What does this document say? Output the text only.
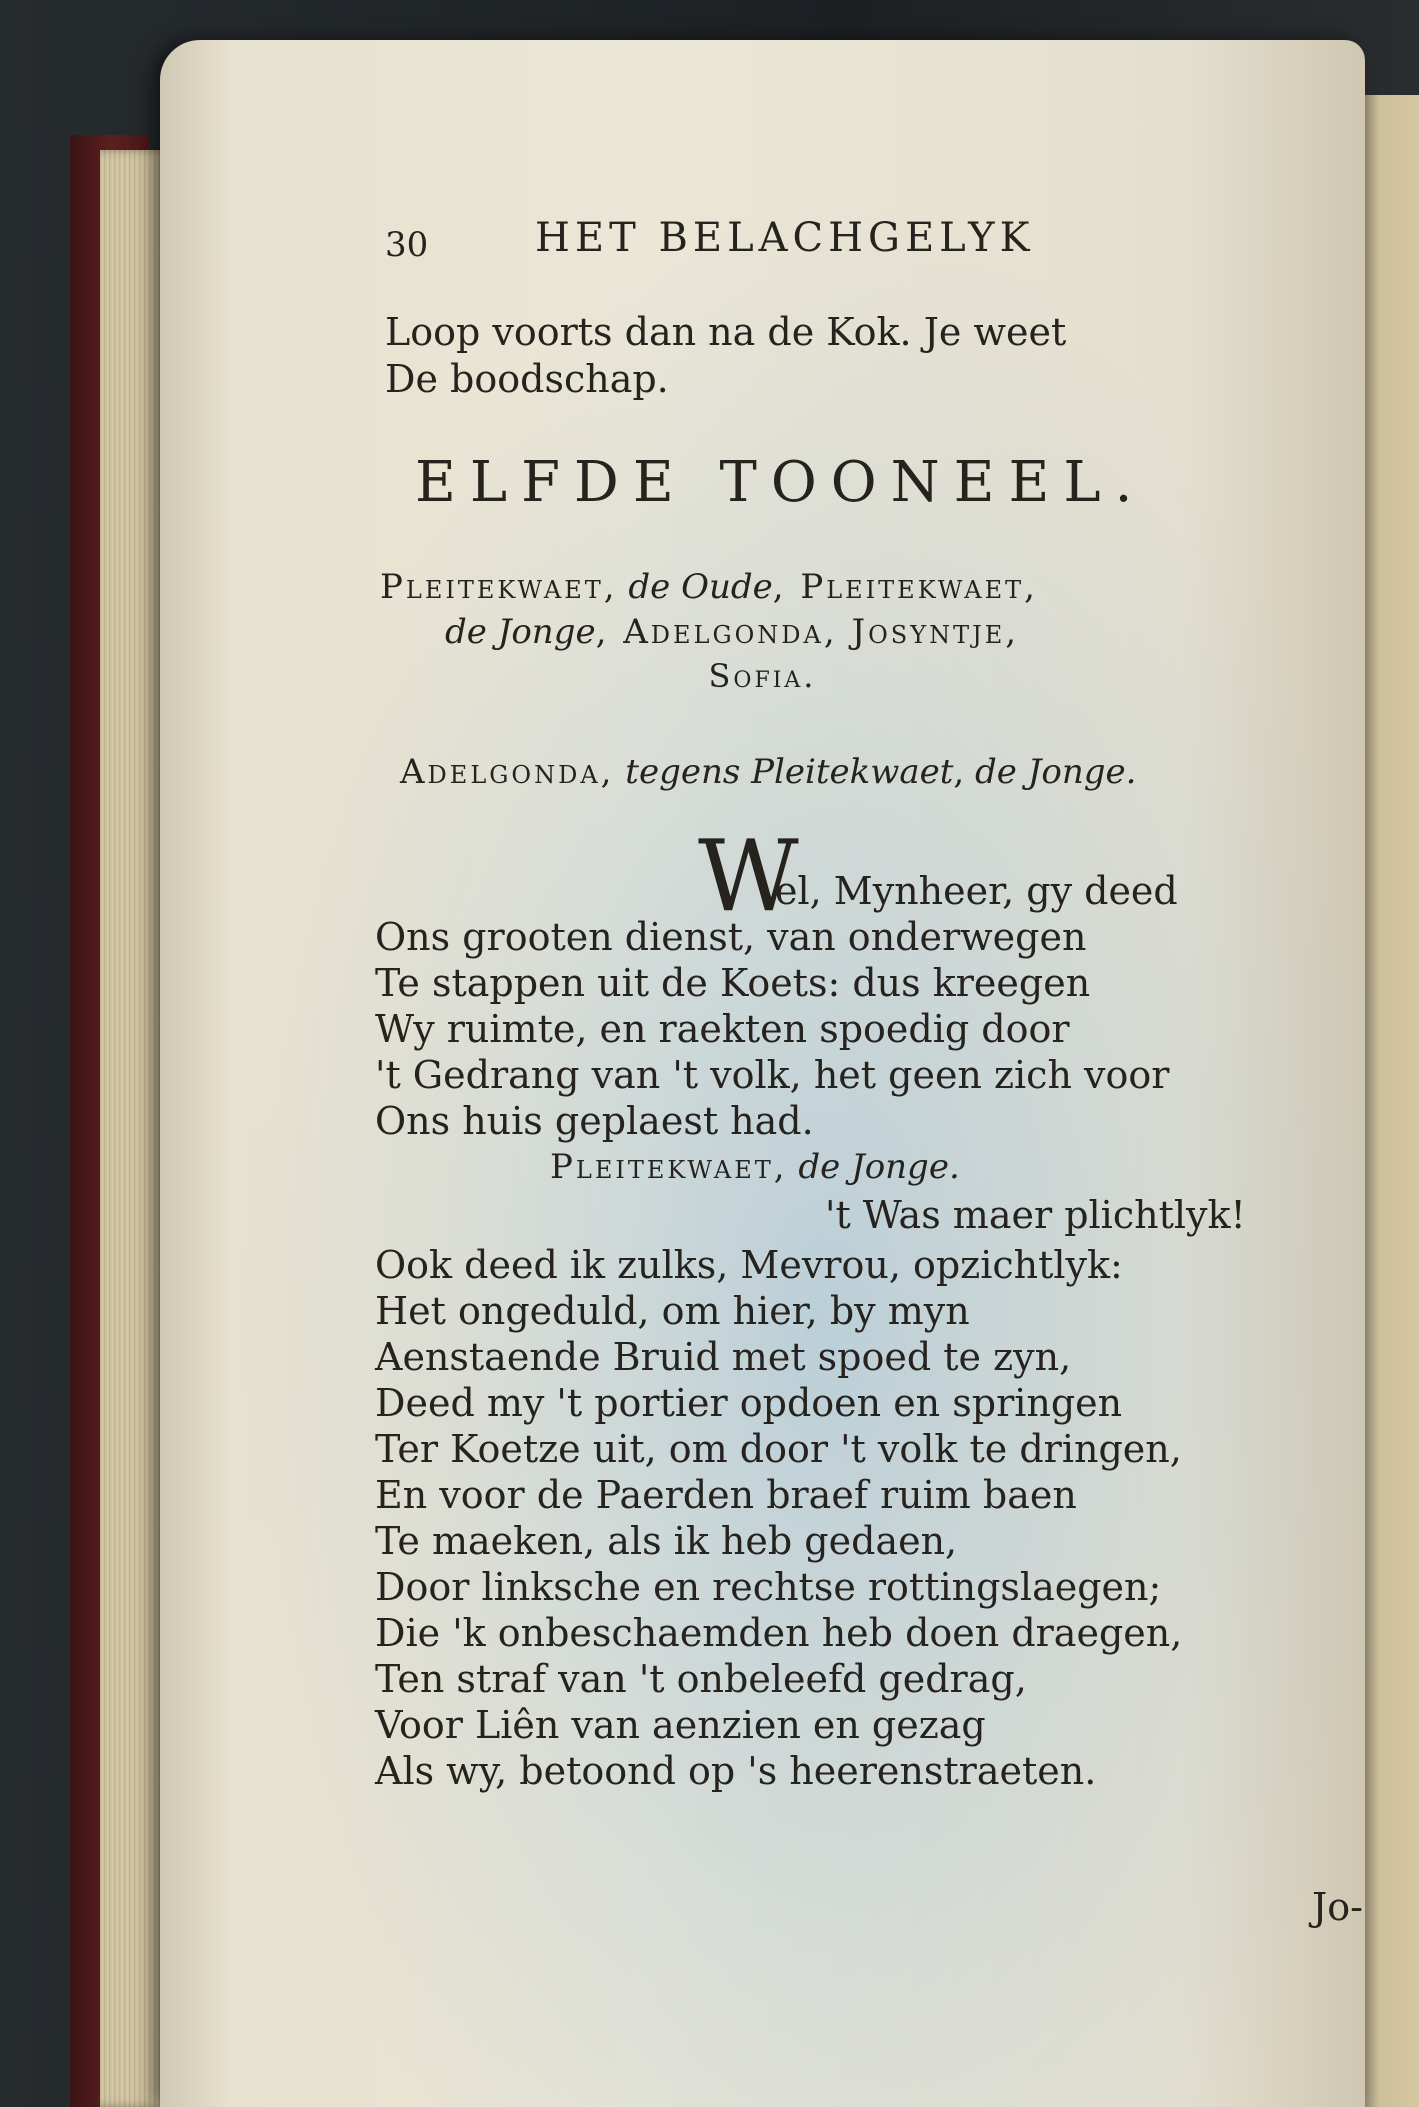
30	HET BELACHGELYK
Loop voorts dan na de Kok. Je weet
De boodschap.
ELFDE TOONEEL.
Pleitekwaet, de Oude, Pleitekwaet,
de Jonge, Adelgonda, Josyntje,
Sofia.
Adelgonda, tegens Pleitekwaet, de Jonge.
W
el, Mynheer, gy deed
Ons grooten dienst, van onderwegen
Te stappen uit de Koets: dus kreegen
Wy ruimte, en raekten spoedig door
't Gedrang van 't volk, het geen zich voor
Ons huis geplaest had.
Pleitekwaet, de Jonge.
't Was maer plichtlyk!
Ook deed ik zulks, Mevrou, opzichtlyk:
Het ongeduld, om hier, by myn
Aenstaende Bruid met spoed te zyn,
Deed my 't portier opdoen en springen
Ter Koetze uit, om door 't volk te dringen,
En voor de Paerden braef ruim baen
Te maeken, als ik heb gedaen,
Door linksche en rechtse rottingslaegen;
Die 'k onbeschaemden heb doen draegen,
Ten straf van 't onbeleefd gedrag,
Voor Liên van aenzien en gezag
Als wy, betoond op 's heerenstraeten.
Jo-
